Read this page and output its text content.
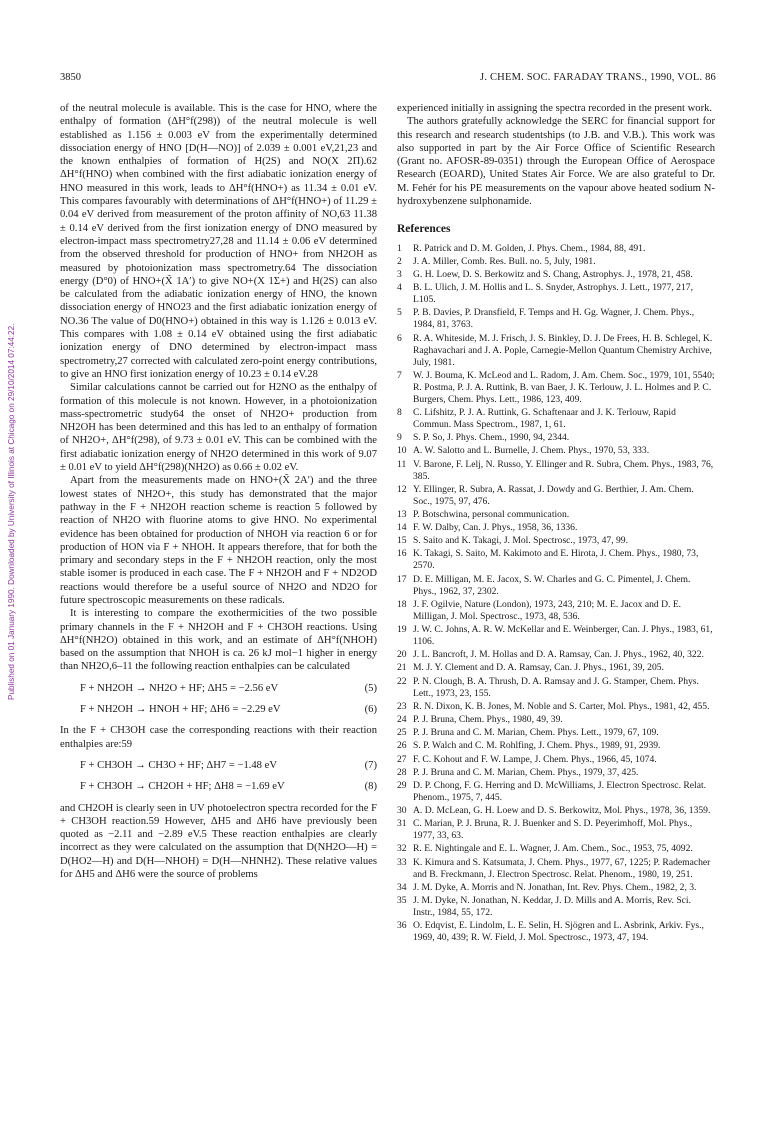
3850	J. CHEM. SOC. FARADAY TRANS., 1990, VOL. 86
Published on 01 January 1990. Downloaded by University of Illinois at Chicago on 29/10/2014 07:44:22.

of the neutral molecule is available. This is the case for HNO, where the enthalpy of formation (ΔH°f(298)) of the neutral molecule is well established as 1.156 ± 0.003 eV from the experimentally determined dissociation energy of HNO [D(H—NO)] of 2.039 ± 0.001 eV,21,23 and the known enthalpies of formation of H(2S) and NO(X 2Π).62 ΔH°f(HNO) when combined with the first adiabatic ionization energy of HNO measured in this work, leads to ΔH°f(HNO+) as 11.34 ± 0.01 eV. This compares favourably with determinations of ΔH°f(HNO+) of 11.29 ± 0.04 eV derived from measurement of the proton affinity of NO,63 11.38 ± 0.14 eV derived from the first ionization energy of DNO measured by electron-impact mass spectrometry27,28 and 11.14 ± 0.06 eV determined from the observed threshold for production of HNO+ from NH2OH as measured by photoionization mass spectrometry.64 The dissociation energy (D°0) of HNO+(X̃ 1A′) to give NO+(X 1Σ+) and H(2S) can also be calculated from the adiabatic ionization energy of HNO, the known dissociation energy of HNO23 and the first adiabatic ionization energy of NO.36 The value of D0(HNO+) obtained in this way is 1.126 ± 0.013 eV. This compares with 1.08 ± 0.14 eV obtained using the first adiabatic ionization energy of DNO determined by electron-impact mass spectrometry,27 corrected with calculated zero-point energy contributions, to give an HNO first ionization energy of 10.23 ± 0.14 eV.28

Similar calculations cannot be carried out for H2NO as the enthalpy of formation of this molecule is not known. However, in a photoionization mass-spectrometric study64 the onset of NH2O+ production from NH2OH has been determined and this has led to an enthalpy of formation of NH2O+, ΔH°f(298), of 9.73 ± 0.01 eV. This can be combined with the first adiabatic ionization energy of NH2O determined in this work of 9.07 ± 0.01 eV to yield ΔH°f(298)(NH2O) as 0.66 ± 0.02 eV.

Apart from the measurements made on HNO+(X̃ 2A′) and the three lowest states of NH2O+, this study has demonstrated that the major pathway in the F + NH2OH reaction scheme is reaction 5 followed by reaction of NH2O with fluorine atoms to give HNO. No experimental evidence has been obtained for production of NHOH via reaction 6 or for production of HON via F + NHOH. It appears therefore, that for both the primary and secondary steps in the F + NH2OH reaction, only the most stable isomer is produced in each case. The F + NH2OH and F + ND2OD reactions would therefore be a useful source of NH2O and ND2O for future spectroscopic measurements on these radicals.

It is interesting to compare the exothermicities of the two possible primary channels in the F + NH2OH and F + CH3OH reactions. Using ΔH°f(NH2O) obtained in this work, and an estimate of ΔH°f(NHOH) based on the assumption that NHOH is ca. 26 kJ mol−1 higher in energy than NH2O,6–11 the following reaction enthalpies can be calculated

F + NH2OH → NH2O + HF; ΔH5 = −2.56 eV	(5)
F + NH2OH → HNOH + HF; ΔH6 = −2.29 eV	(6)

In the F + CH3OH case the corresponding reactions with their reaction enthalpies are:59

F + CH3OH → CH3O + HF; ΔH7 = −1.48 eV	(7)
F + CH3OH → CH2OH + HF; ΔH8 = −1.69 eV	(8)

and CH2OH is clearly seen in UV photoelectron spectra recorded for the F + CH3OH reaction.59 However, ΔH5 and ΔH6 have previously been quoted as −2.11 and −2.89 eV.5 These reaction enthalpies are clearly incorrect as they were calculated on the assumption that D(NH2O—H) = D(HO2—H) and D(H—NHOH) = D(H—NHNH2). These relative values for ΔH5 and ΔH6 were the source of problems

experienced initially in assigning the spectra recorded in the present work.

The authors gratefully acknowledge the SERC for financial support for this research and research studentships (to J.B. and V.B.). This work was also supported in part by the Air Force Office of Scientific Research (Grant no. AFOSR-89-0351) through the European Office of Aerospace Research (EOARD), United States Air Force. We are also grateful to Dr. M. Fehér for his PE measurements on the vapour above heated sodium N-hydroxybenzene sulphonamide.

References
1	R. Patrick and D. M. Golden, J. Phys. Chem., 1984, 88, 491.
2	J. A. Miller, Comb. Res. Bull. no. 5, July, 1981.
3	G. H. Loew, D. S. Berkowitz and S. Chang, Astrophys. J., 1978, 21, 458.
4	B. L. Ulich, J. M. Hollis and L. S. Snyder, Astrophys. J. Lett., 1977, 217, L105.
5	P. B. Davies, P. Dransfield, F. Temps and H. Gg. Wagner, J. Chem. Phys., 1984, 81, 3763.
6	R. A. Whiteside, M. J. Frisch, J. S. Binkley, D. J. De Frees, H. B. Schlegel, K. Raghavachari and J. A. Pople, Carnegie-Mellon Quantum Chemistry Archive, July, 1981.
7	W. J. Bouma, K. McLeod and L. Radom, J. Am. Chem. Soc., 1979, 101, 5540; R. Postma, P. J. A. Ruttink, B. van Baer, J. K. Terlouw, J. L. Holmes and P. C. Burgers, Chem. Phys. Lett., 1986, 123, 409.
8	C. Lifshitz, P. J. A. Ruttink, G. Schaftenaar and J. K. Terlouw, Rapid Commun. Mass Spectrom., 1987, 1, 61.
9	S. P. So, J. Phys. Chem., 1990, 94, 2344.
10 A. W. Salotto and L. Burnelle, J. Chem. Phys., 1970, 53, 333.
11 V. Barone, F. Lelj, N. Russo, Y. Ellinger and R. Subra, Chem. Phys., 1983, 76, 385.
12 Y. Ellinger, R. Subra, A. Rassat, J. Dowdy and G. Berthier, J. Am. Chem. Soc., 1975, 97, 476.
13 P. Botschwina, personal communication.
14 F. W. Dalby, Can. J. Phys., 1958, 36, 1336.
15 S. Saito and K. Takagi, J. Mol. Spectrosc., 1973, 47, 99.
16 K. Takagi, S. Saito, M. Kakimoto and E. Hirota, J. Chem. Phys., 1980, 73, 2570.
17 D. E. Milligan, M. E. Jacox, S. W. Charles and G. C. Pimentel, J. Chem. Phys., 1962, 37, 2302.
18 J. F. Ogilvie, Nature (London), 1973, 243, 210; M. E. Jacox and D. E. Milligan, J. Mol. Spectrosc., 1973, 48, 536.
19 J. W. C. Johns, A. R. W. McKellar and E. Weinberger, Can. J. Phys., 1983, 61, 1106.
20 J. L. Bancroft, J. M. Hollas and D. A. Ramsay, Can. J. Phys., 1962, 40, 322.
21 M. J. Y. Clement and D. A. Ramsay, Can. J. Phys., 1961, 39, 205.
22 P. N. Clough, B. A. Thrush, D. A. Ramsay and J. G. Stamper, Chem. Phys. Lett., 1973, 23, 155.
23 R. N. Dixon, K. B. Jones, M. Noble and S. Carter, Mol. Phys., 1981, 42, 455.
24 P. J. Bruna, Chem. Phys., 1980, 49, 39.
25 P. J. Bruna and C. M. Marian, Chem. Phys. Lett., 1979, 67, 109.
26 S. P. Walch and C. M. Rohlfing, J. Chem. Phys., 1989, 91, 2939.
27 F. C. Kohout and F. W. Lampe, J. Chem. Phys., 1966, 45, 1074.
28 P. J. Bruna and C. M. Marian, Chem. Phys., 1979, 37, 425.
29 D. P. Chong, F. G. Herring and D. McWilliams, J. Electron Spectrosc. Relat. Phenom., 1975, 7, 445.
30 A. D. McLean, G. H. Loew and D. S. Berkowitz, Mol. Phys., 1978, 36, 1359.
31 C. Marian, P. J. Bruna, R. J. Buenker and S. D. Peyerimhoff, Mol. Phys., 1977, 33, 63.
32 R. E. Nightingale and E. L. Wagner, J. Am. Chem., Soc., 1953, 75, 4092.
33 K. Kimura and S. Katsumata, J. Chem. Phys., 1977, 67, 1225; P. Rademacher and B. Freckmann, J. Electron Spectrosc. Relat. Phenom., 1980, 19, 251.
34 J. M. Dyke, A. Morris and N. Jonathan, Int. Rev. Phys. Chem., 1982, 2, 3.
35 J. M. Dyke, N. Jonathan, N. Keddar, J. D. Mills and A. Morris, Rev. Sci. Instr., 1984, 55, 172.
36 O. Edqvist, E. Lindolm, L. E. Selin, H. Sjögren and L. Asbrink, Arkiv. Fys., 1969, 40, 439; R. W. Field, J. Mol. Spectrosc., 1973, 47, 194.
